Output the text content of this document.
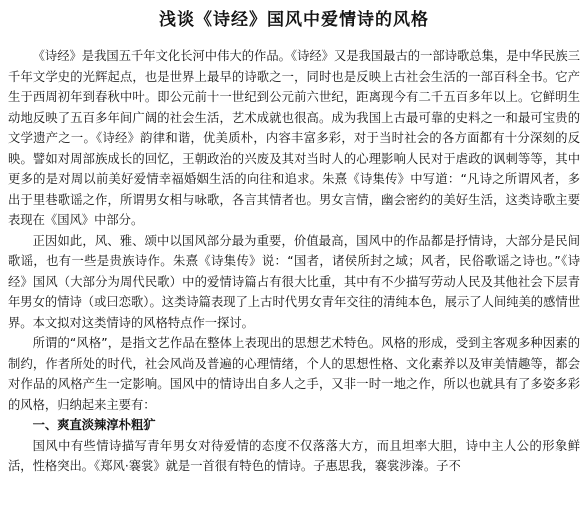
浅谈《诗经》国风中爱情诗的风格

《诗经》是我国五千年文化长河中伟大的作品。《诗经》又是我国最古的一部诗歌总集，是中华民族三千年文学史的光辉起点，也是世界上最早的诗歌之一，同时也是反映上古社会生活的一部百科全书。它产生于西周初年到春秋中叶。即公元前十一世纪到公元前六世纪，距离现今有二千五百多年以上。它鲜明生动地反映了五百多年间广阔的社会生活，艺术成就也很高。成为我国上古最可靠的史料之一和最可宝贵的文学遗产之一。《诗经》韵律和谐，优美质朴，内容丰富多彩，对于当时社会的各方面都有十分深刻的反映。譬如对周部族成长的回忆，王朝政治的兴废及其对当时人的心理影响人民对于虐政的讽刺等等，其中更多的是对周以前美好爱情幸福婚姻生活的向往和追求。朱熹《诗集传》中写道：“凡诗之所谓风者，多出于里巷歌谣之作，所谓男女相与咏歌，各言其情者也。男女言情，幽会密约的美好生活，这类诗歌主要表现在《国风》中部分。

正因如此，风、雅、颂中以国风部分最为重要，价值最高，国风中的作品都是抒情诗，大部分是民间歌谣，也有一些是贵族诗作。朱熹《诗集传》说：“国者，诸侯所封之域；风者，民俗歌谣之诗也。”《诗经》国风（大部分为周代民歌）中的爱情诗篇占有很大比重，其中有不少描写劳动人民及其他社会下层青年男女的情诗（或曰恋歌）。这类诗篇表现了上古时代男女青年交往的清纯本色，展示了人间纯美的感情世界。本文拟对这类情诗的风格特点作一探讨。

所谓的“风格”，是指文艺作品在整体上表现出的思想艺术特色。风格的形成，受到主客观多种因素的制约，作者所处的时代，社会风尚及普遍的心理情绪，个人的思想性格、文化素养以及审美情趣等，都会对作品的风格产生一定影响。国风中的情诗出自多人之手，又非一时一地之作，所以也就具有了多姿多彩的风格，归纳起来主要有：

一、爽直淡辣淳朴粗犷

国风中有些情诗描写青年男女对待爱情的态度不仅落落大方，而且坦率大胆，诗中主人公的形象鲜活，性格突出。《郑风·褰裳》就是一首很有特色的情诗。子惠思我，褰裳涉溱。子不
